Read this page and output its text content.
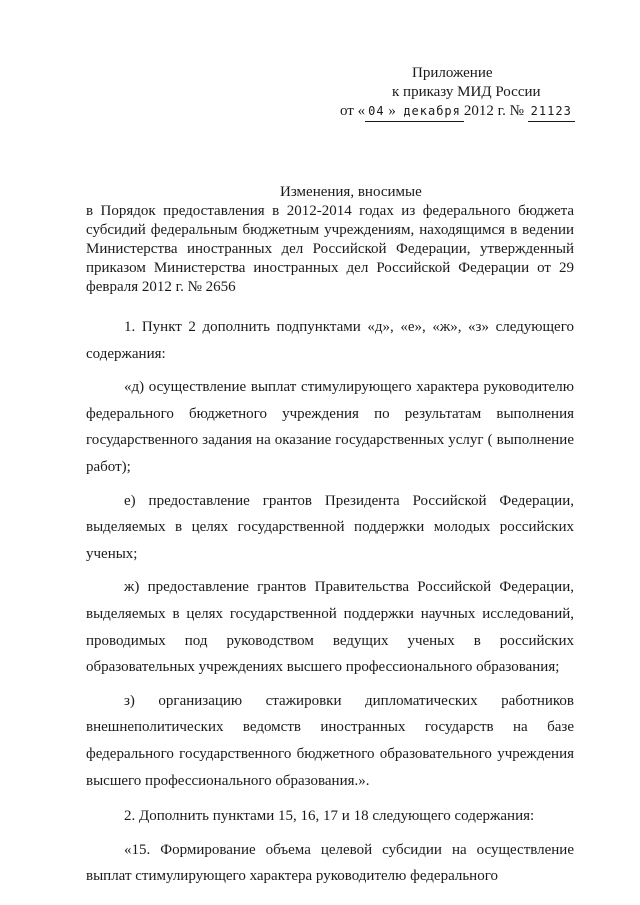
Приложение
к приказу МИД России
от « 04 » декабря 2012 г. № 21123
Изменения, вносимые
в Порядок предоставления в 2012-2014 годах из федерального бюджета субсидий федеральным бюджетным учреждениям, находящимся в ведении Министерства иностранных дел Российской Федерации, утвержденный приказом Министерства иностранных дел Российской Федерации от 29 февраля 2012 г. № 2656

1. Пункт 2 дополнить подпунктами «д», «е», «ж», «з» следующего содержания:

«д) осуществление выплат стимулирующего характера руководителю федерального бюджетного учреждения по результатам выполнения государственного задания на оказание государственных услуг ( выполнение работ);

е) предоставление грантов Президента Российской Федерации, выделяемых в целях государственной поддержки молодых российских ученых;

ж) предоставление грантов Правительства Российской Федерации, выделяемых в целях государственной поддержки научных исследований, проводимых под руководством ведущих ученых в российских образовательных учреждениях высшего профессионального образования;

з) организацию стажировки дипломатических работников внешнеполитических ведомств иностранных государств на базе федерального государственного бюджетного образовательного учреждения высшего профессионального образования.».

2. Дополнить пунктами 15, 16, 17 и 18 следующего содержания:

«15. Формирование объема целевой субсидии на осуществление выплат стимулирующего характера руководителю федерального
